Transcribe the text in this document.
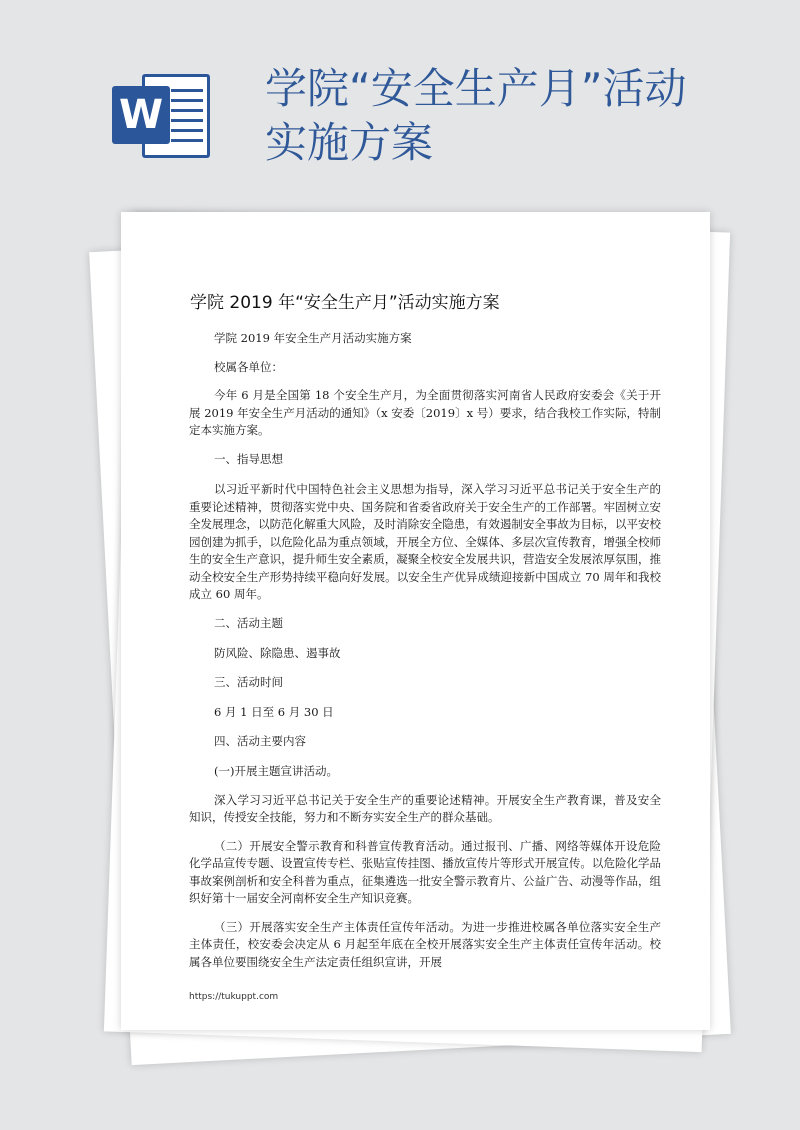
W
学院“安全生产月”活动实施方案
学院 2019 年“安全生产月”活动实施方案

学院 2019 年安全生产月活动实施方案

校属各单位：

今年 6 月是全国第 18 个安全生产月，为全面贯彻落实河南省人民政府安委会《关于开展 2019 年安全生产月活动的通知》（x 安委〔2019〕x 号）要求，结合我校工作实际，特制定本实施方案。

一、指导思想

以习近平新时代中国特色社会主义思想为指导，深入学习习近平总书记关于安全生产的重要论述精神，贯彻落实党中央、国务院和省委省政府关于安全生产的工作部署。牢固树立安全发展理念，以防范化解重大风险，及时消除安全隐患，有效遏制安全事故为目标，以平安校园创建为抓手，以危险化品为重点领域，开展全方位、全媒体、多层次宣传教育，增强全校师生的安全生产意识，提升师生安全素质，凝聚全校安全发展共识，营造安全发展浓厚氛围，推动全校安全生产形势持续平稳向好发展。以安全生产优异成绩迎接新中国成立 70 周年和我校成立 60 周年。

二、活动主题

防风险、除隐患、遏事故

三、活动时间

6 月 1 日至 6 月 30 日

四、活动主要内容

(一)开展主题宣讲活动。

深入学习习近平总书记关于安全生产的重要论述精神。开展安全生产教育课，普及安全知识，传授安全技能，努力和不断夯实安全生产的群众基础。

（二）开展安全警示教育和科普宣传教育活动。通过报刊、广播、网络等媒体开设危险化学品宣传专题、设置宣传专栏、张贴宣传挂图、播放宣传片等形式开展宣传。以危险化学品事故案例剖析和安全科普为重点，征集遴选一批安全警示教育片、公益广告、动漫等作品，组织好第十一届安全河南杯安全生产知识竞赛。

（三）开展落实安全生产主体责任宣传年活动。为进一步推进校属各单位落实安全生产主体责任，校安委会决定从 6 月起至年底在全校开展落实安全生产主体责任宣传年活动。校属各单位要围绕安全生产法定责任组织宣讲，开展

https://tukuppt.com
